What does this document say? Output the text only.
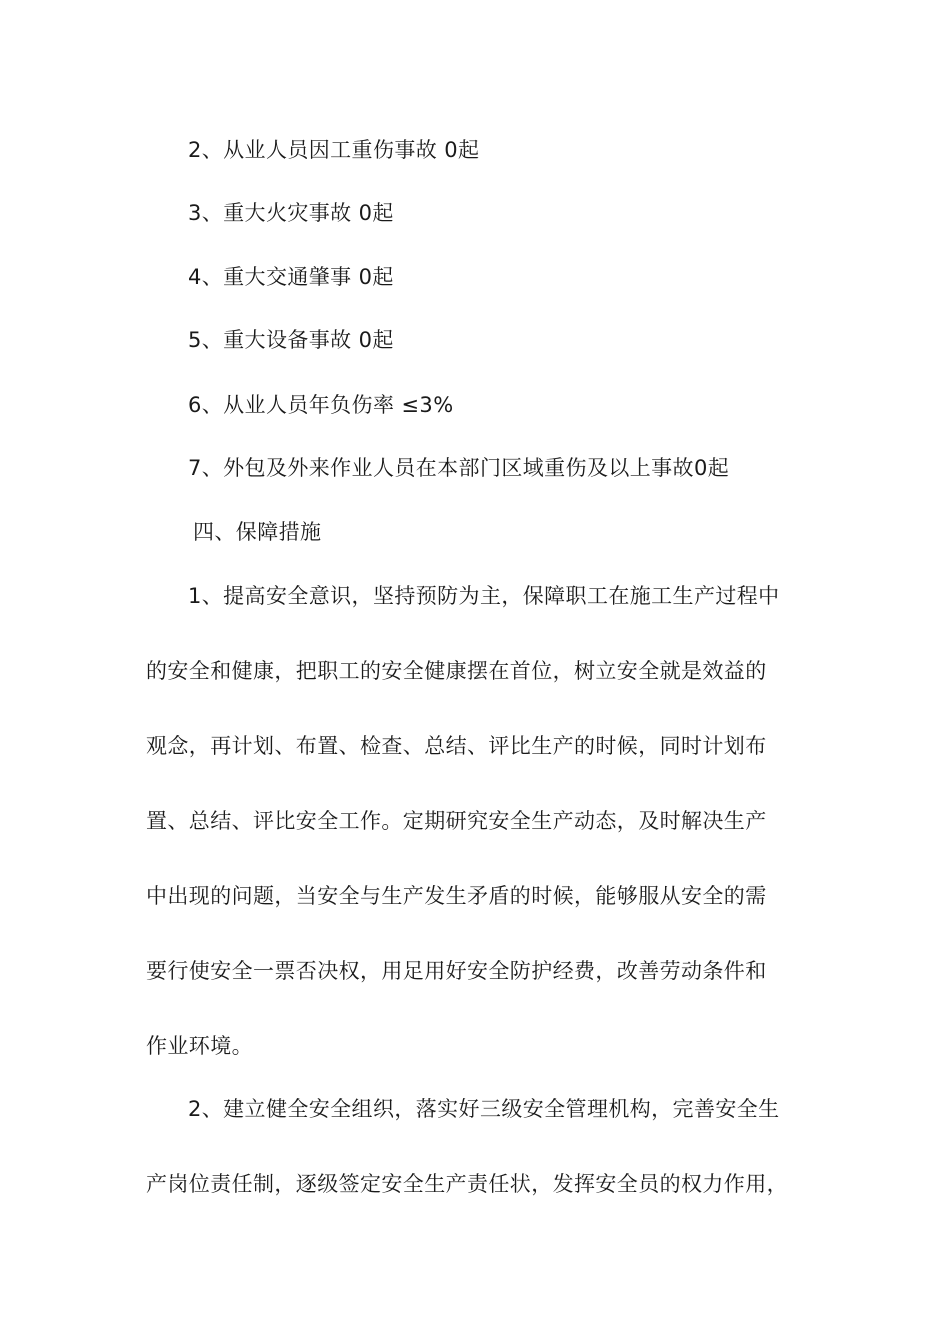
2、从业人员因工重伤事故 0起
3、重大火灾事故 0起
4、重大交通肇事 0起
5、重大设备事故 0起
6、从业人员年负伤率 ≤3%
7、外包及外来作业人员在本部门区域重伤及以上事故0起
四、保障措施
1、提高安全意识，坚持预防为主，保障职工在施工生产过程中
的安全和健康，把职工的安全健康摆在首位，树立安全就是效益的
观念，再计划、布置、检查、总结、评比生产的时候，同时计划布
置、总结、评比安全工作。定期研究安全生产动态，及时解决生产
中出现的问题，当安全与生产发生矛盾的时候，能够服从安全的需
要行使安全一票否决权，用足用好安全防护经费，改善劳动条件和
作业环境。
2、建立健全安全组织，落实好三级安全管理机构，完善安全生
产岗位责任制，逐级签定安全生产责任状，发挥安全员的权力作用，
